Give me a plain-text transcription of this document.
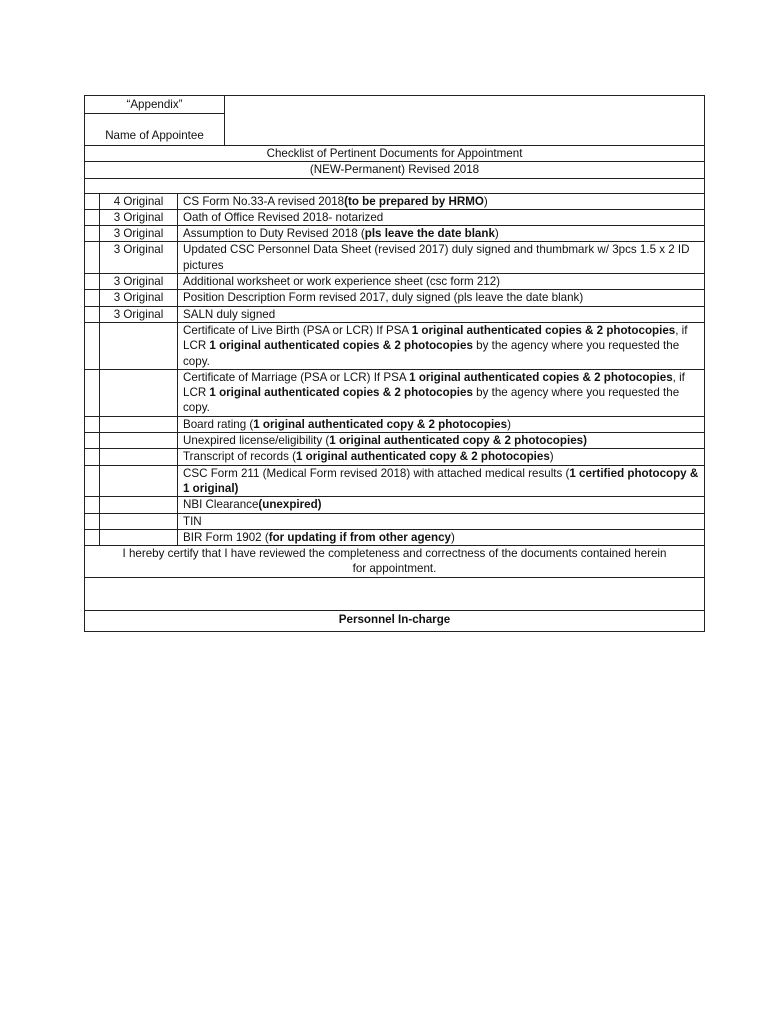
“Appendix”
Name of Appointee			

Checklist of Pertinent Documents for Appointment			
(NEW-Permanent) Revised 2018			

	4 Original	CS Form No.33-A revised 2018(to be prepared by HRMO)	
	3 Original	Oath of Office Revised 2018- notarized	
	3 Original	Assumption to Duty Revised 2018 (pls leave the date blank)	
	3 Original	Updated CSC Personnel Data Sheet (revised 2017) duly signed and thumbmark w/ 3pcs 1.5 x 2 ID pictures	
	3 Original	Additional worksheet or work experience sheet (csc form 212)	
	3 Original	Position Description Form revised 2017, duly signed (pls leave the date blank)	
	3 Original	SALN duly signed	
		Certificate of Live Birth (PSA or LCR) If PSA 1 original authenticated copies & 2 photocopies, if LCR 1 original authenticated copies & 2 photocopies by the agency where you requested the copy.	
		Certificate of Marriage (PSA or LCR) If PSA 1 original authenticated copies & 2 photocopies, if LCR 1 original authenticated copies & 2 photocopies by the agency where you requested the copy.	
		Board rating (1 original authenticated copy & 2 photocopies)	
		Unexpired license/eligibility (1 original authenticated copy & 2 photocopies)	
		Transcript of records (1 original authenticated copy & 2 photocopies)	
		CSC Form 211 (Medical Form revised 2018) with attached medical results (1 certified photocopy & 1 original)	
		NBI Clearance(unexpired)	
		TIN	
		BIR Form 1902 (for updating if from other agency)	
I hereby certify that I have reviewed the completeness and correctness of the documents contained herein for appointment.			

Personnel In-charge			
